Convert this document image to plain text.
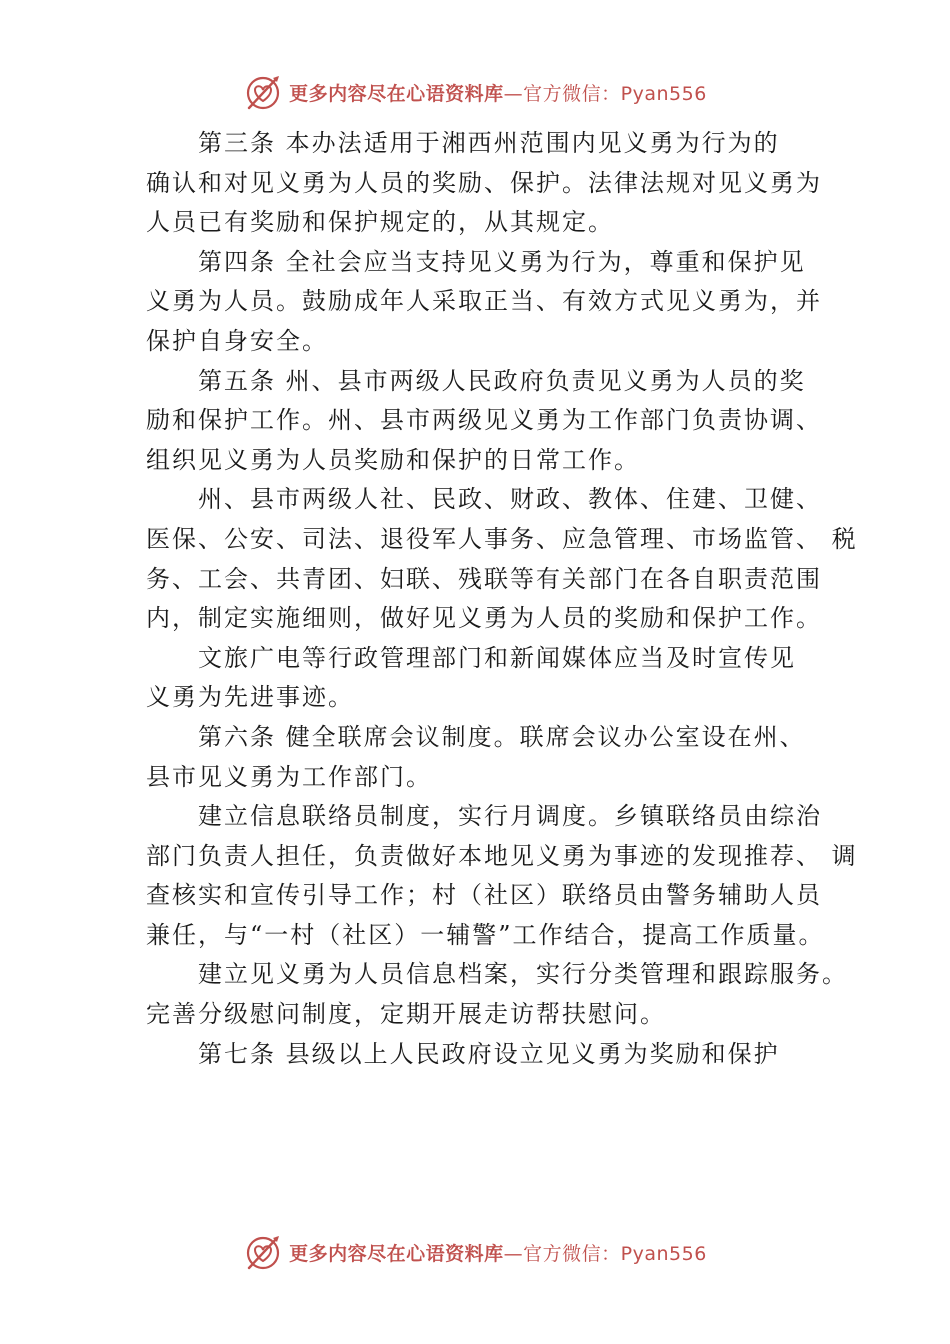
更多内容尽在心语资料库—官方微信：Pyan556
第三条 本办法适用于湘西州范围内见义勇为行为的
确认和对见义勇为人员的奖励、保护。法律法规对见义勇为
人员已有奖励和保护规定的，从其规定。
第四条 全社会应当支持见义勇为行为，尊重和保护见
义勇为人员。鼓励成年人采取正当、有效方式见义勇为，并
保护自身安全。
第五条 州、县市两级人民政府负责见义勇为人员的奖
励和保护工作。州、县市两级见义勇为工作部门负责协调、
组织见义勇为人员奖励和保护的日常工作。
州、县市两级人社、民政、财政、教体、住建、卫健、
医保、公安、司法、退役军人事务、应急管理、市场监管、 税
务、工会、共青团、妇联、残联等有关部门在各自职责范围
内，制定实施细则，做好见义勇为人员的奖励和保护工作。
文旅广电等行政管理部门和新闻媒体应当及时宣传见
义勇为先进事迹。
第六条 健全联席会议制度。联席会议办公室设在州、
县市见义勇为工作部门。
建立信息联络员制度，实行月调度。乡镇联络员由综治
部门负责人担任，负责做好本地见义勇为事迹的发现推荐、 调
查核实和宣传引导工作；村（社区）联络员由警务辅助人员
兼任，与“一村（社区）一辅警”工作结合，提高工作质量。
建立见义勇为人员信息档案，实行分类管理和跟踪服务。
完善分级慰问制度，定期开展走访帮扶慰问。
第七条 县级以上人民政府设立见义勇为奖励和保护
更多内容尽在心语资料库—官方微信：Pyan556
